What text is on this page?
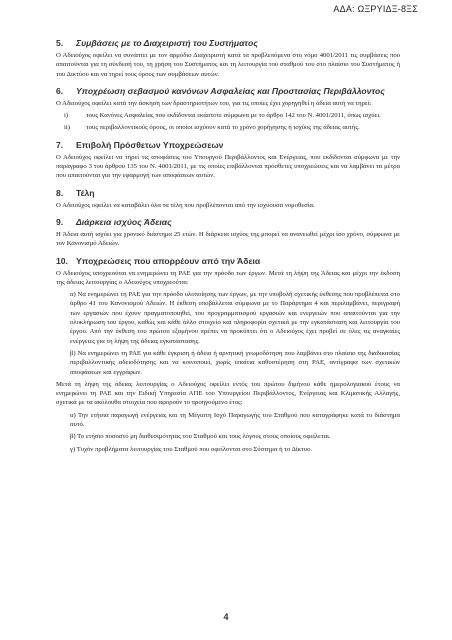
ΑΔΑ: ΩΞΡΥΙΔΞ-8ΞΣ
5.	Συμβάσεις με το Διαχειριστή του Συστήματος
Ο Αδειούχος οφείλει να συνάπτει με τον αρμόδιο Διαχειριστή κατά τα προβλεπόμενα στο νόμο 4001/2011 τις συμβάσεις που απαιτούνται για τη σύνδεσή του, τη χρήση του Συστήματος και τη λειτουργία του σταθμού του στο πλαίσιο του Συστήματος ή του Δικτύου και να τηρεί τους όρους των συμβάσεων αυτών.
6.	Υποχρέωση σεβασμού κανόνων Ασφαλείας και Προστασίας Περιβάλλοντος
Ο Αδειούχος οφείλει κατά την άσκηση των δραστηριοτήτων του, για τις οποίες έχει χορηγηθεί η άδεια αυτή να τηρεί:
i)	τους Κανόνες Ασφαλείας που εκδίδονται εκάστοτε σύμφωνα με το άρθρο 142 του Ν. 4001/2011, όπως ισχύει.
ii)	τους περιβαλλοντικούς όρους, οι οποίοι ισχύουν κατά το χρόνο χορήγησης ή ισχύος της άδειας αυτής.
7.	Επιβολή Πρόσθετων Υποχρεώσεων
Ο Αδειούχος οφείλει να τηρεί τις αποφάσεις του Υπουργού Περιβάλλοντος και Ενέργειας, που εκδίδονται σύμφωνα με την παράγραφο 3 του άρθρου 135 του Ν. 4001/2011, με τις οποίες επιβάλλονται πρόσθετες υποχρεώσεις και να λαμβάνει τα μέτρα που απαιτούνται για την εφαρμογή των αποφάσεων αυτών.
8.	Τέλη
Ο Αδειούχος οφείλει να καταβάλει όλα τα τέλη που προβλέπονται από την ισχύουσα νομοθεσία.
9.	Διάρκεια ισχύος Άδειας
Η Άδεια αυτή ισχύει για χρονικό διάστημα 25 ετών. Η διάρκεια ισχύος της μπορεί να ανανεωθεί μέχρι ίσο χρόνο, σύμφωνα με τον Κανονισμό Αδειών.
10. Υποχρεώσεις που απορρέουν από την Άδεια
Ο Αδειούχος υποχρεούται να ενημερώνει τη ΡΑΕ για την πρόοδο των έργων. Μετά τη λήψη της Άδειας και μέχρι την έκδοση της άδειας λειτουργίας ο Αδειούχος υποχρεούται:
α) Να ενημερώνει τη ΡΑΕ για την πρόοδο υλοποίησης των έργων, με την υποβολή σχετικής έκθεσης που προβλέπεται στο άρθρο 41 του Κανονισμού Αδειών. Η έκθεση υποβάλλεται σύμφωνα με το Παράρτημα 4 και περιλαμβάνει, περιγραφή των εργασιών που έχουν πραγματοποιηθεί, του προγραμματισμού εργασιών και ενεργειών που απαιτούνται για την ολοκλήρωση του έργου, καθώς και κάθε άλλο στοιχείο και πληροφορία σχετικά με την εγκατάσταση και λειτουργία του έργου. Από την έκθεση του πρώτου εξαμήνου πρέπει να προκύπτει ότι ο Αδειούχος έχει προβεί σε όλες τις αναγκαίες ενέργειες για τη λήψη της άδειας εγκατάστασης.
β) Να ενημερώνει τη ΡΑΕ για κάθε έγκριση ή άδεια ή αρνητική γνωμοδότηση που λαμβάνει στο πλαίσιο της διαδικασίας περιβαλλοντικής αδειοδότησης και να κοινοποιεί, χωρίς υπαίτια καθυστέρηση στη ΡΑΕ, αντίγραφα των σχετικών αποφάσεων και εγγράφων.
Μετά τη λήψη της άδειας λειτουργίας ο Αδειούχος οφείλει εντός του πρώτου διμήνου κάθε ημερολογιακού έτους να ενημερώνει τη ΡΑΕ και την Ειδική Υπηρεσία ΑΠΕ του Υπουργείου Περιβάλλοντος, Ενέργειας και Κλιματικής Αλλαγής, σχετικά με τα ακόλουθα στοιχεία που αφορούν το προηγούμενο έτος:
α) Την ετήσια παραγωγή ενέργειας και τη Μέγιστη Ισχύ Παραγωγής του Σταθμού που καταγράφηκε κατά το διάστημα αυτό.
β) Το ετήσιο ποσοστό μη διαθεσιμότητας του Σταθμού και τους λόγους στους οποίους οφείλεται.
γ) Τυχόν προβλήματα λειτουργίας του Σταθμού που οφείλονται στο Σύστημα ή το Δίκτυο.
4
